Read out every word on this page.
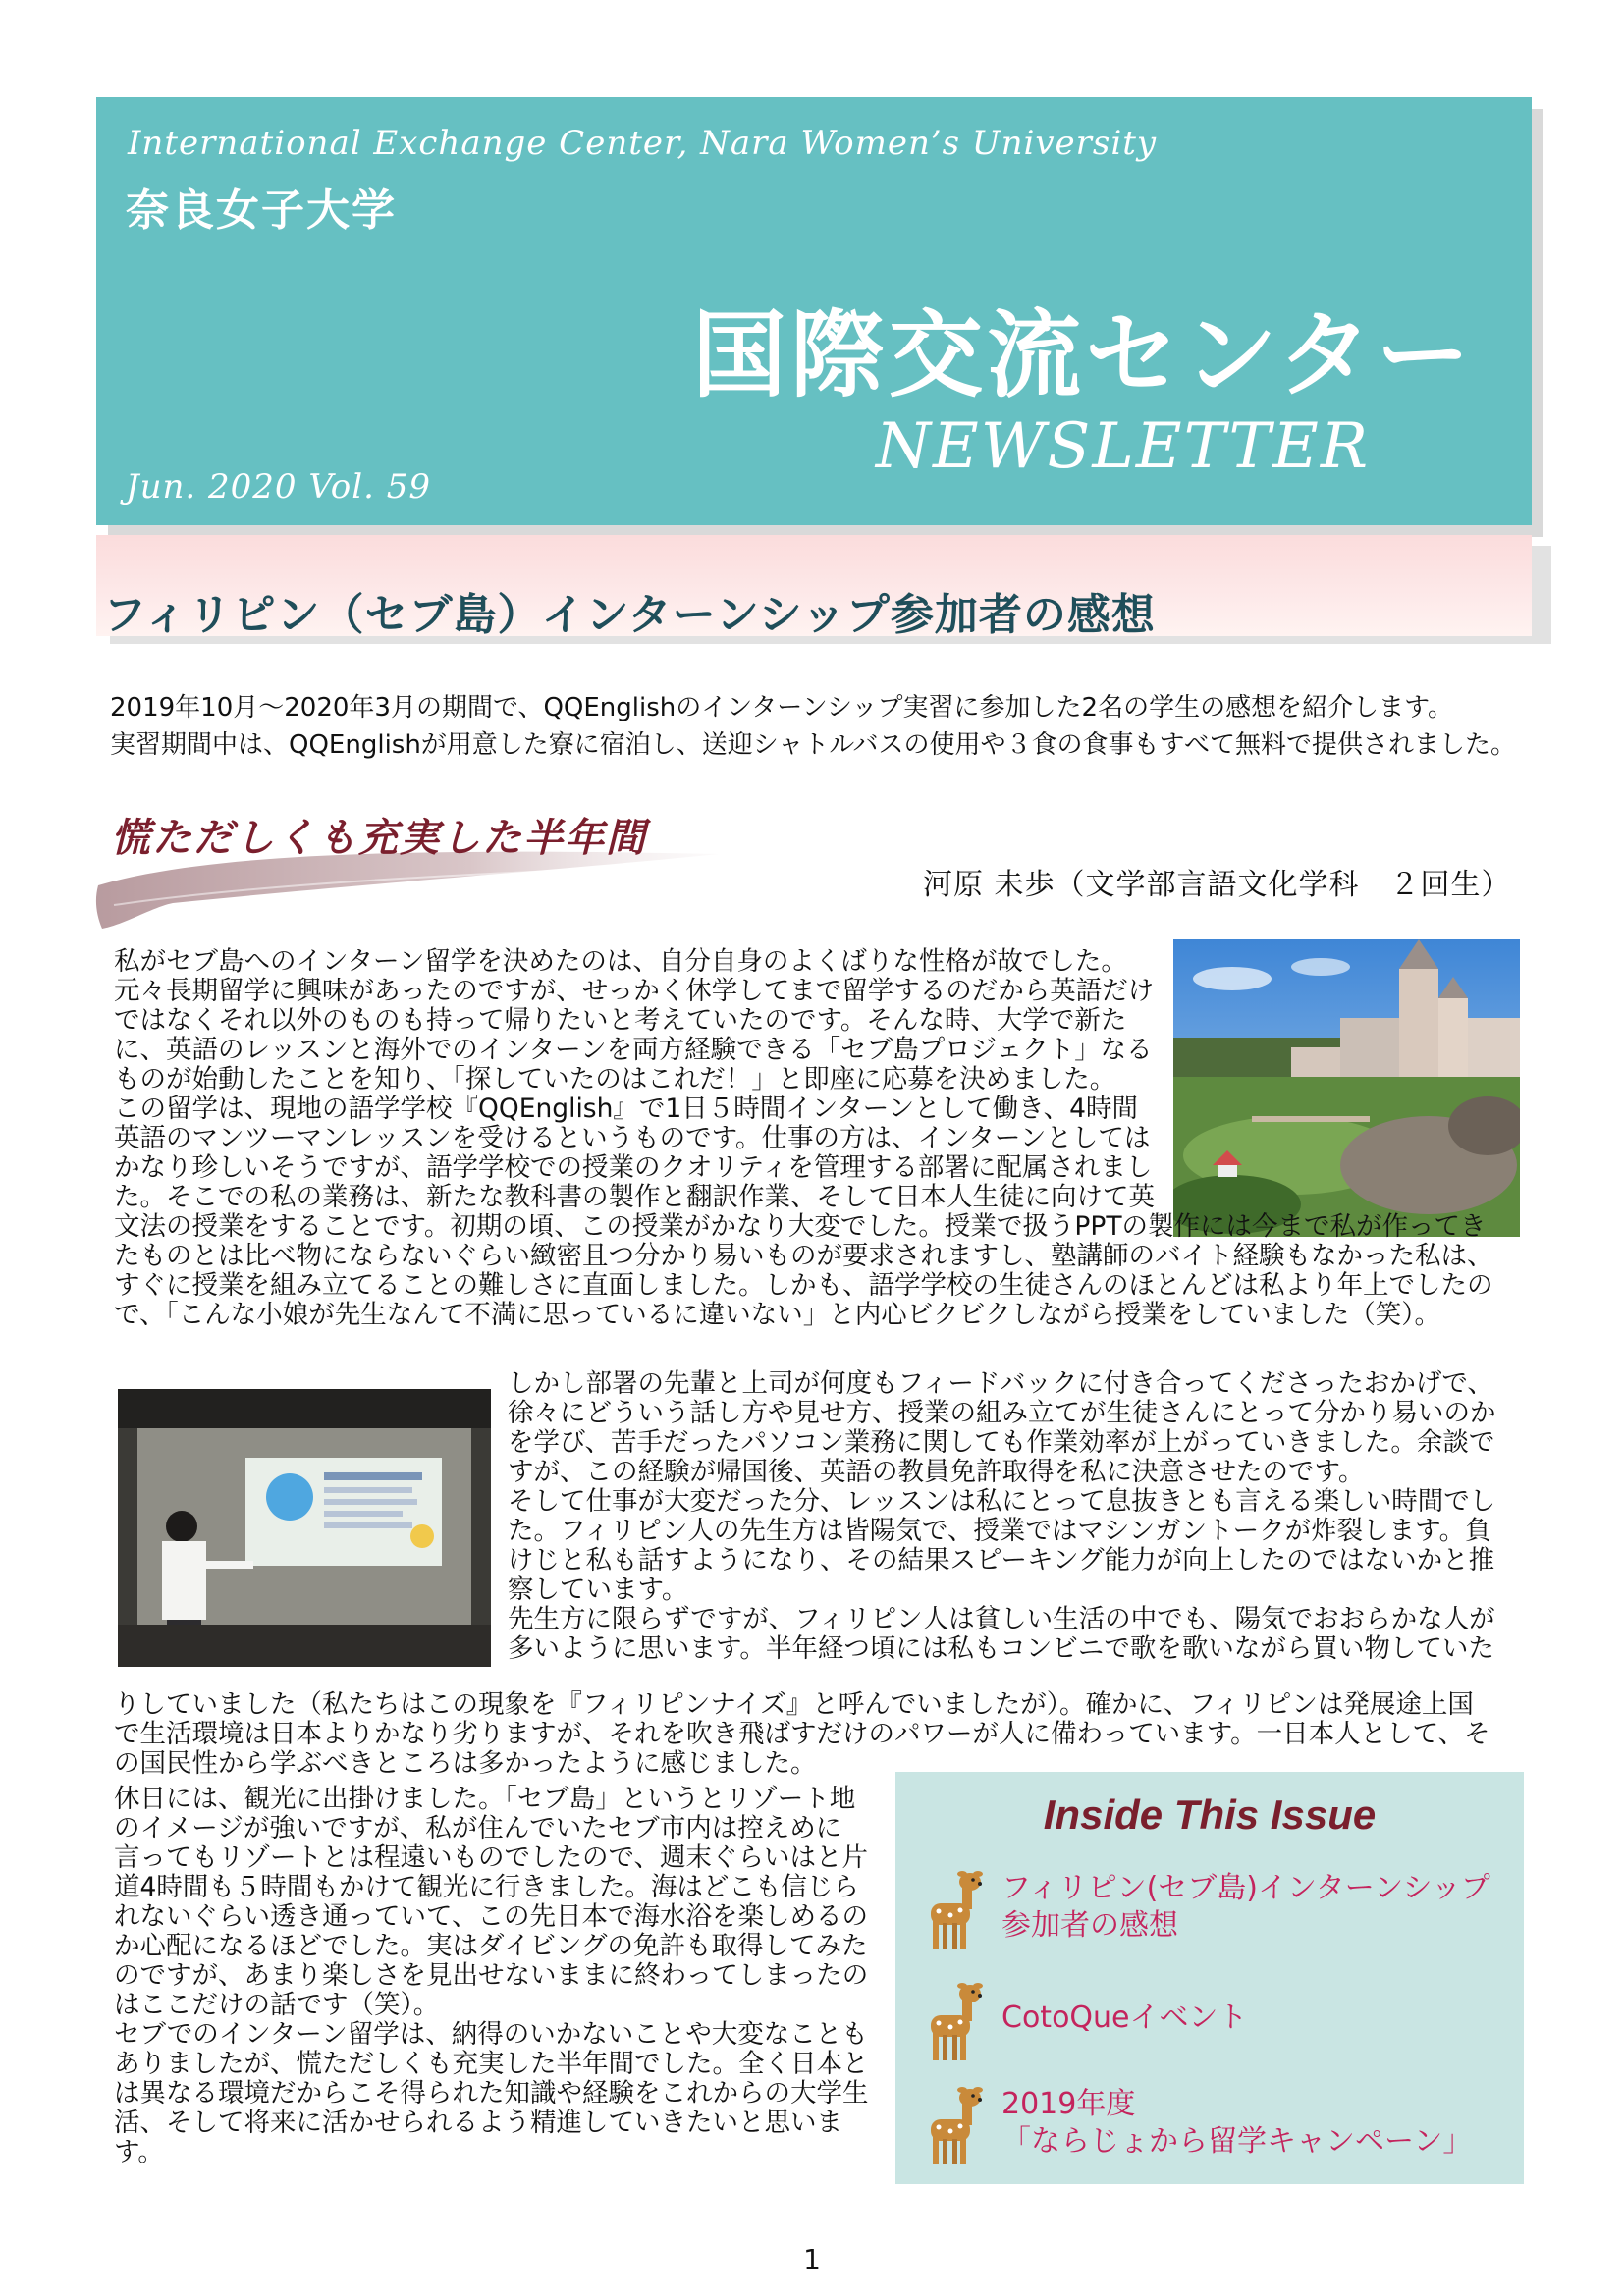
International Exchange Center, Nara Women’s University
奈良女子大学
国際交流センター
NEWSLETTER
Jun. 2020 Vol. 59
フィリピン（セブ島）インターンシップ参加者の感想
2019年10月～2020年3月の期間で、QQEnglishのインターンシップ実習に参加した2名の学生の感想を紹介します。
実習期間中は、QQEnglishが用意した寮に宿泊し、送迎シャトルバスの使用や３食の食事もすべて無料で提供されました。
慌ただしくも充実した半年間
河原 未歩（文学部言語文化学科　２回生）
私がセブ島へのインターン留学を決めたのは、自分自身のよくばりな性格が故でした。
元々長期留学に興味があったのですが、せっかく休学してまで留学するのだから英語だけ
ではなくそれ以外のものも持って帰りたいと考えていたのです。そんな時、大学で新た
に、英語のレッスンと海外でのインターンを両方経験できる「セブ島プロジェクト」なる
ものが始動したことを知り、「探していたのはこれだ！」と即座に応募を決めました。
この留学は、現地の語学学校『QQEnglish』で1日５時間インターンとして働き、4時間
英語のマンツーマンレッスンを受けるというものです。仕事の方は、インターンとしては
かなり珍しいそうですが、語学学校での授業のクオリティを管理する部署に配属されまし
た。そこでの私の業務は、新たな教科書の製作と翻訳作業、そして日本人生徒に向けて英
文法の授業をすることです。初期の頃、この授業がかなり大変でした。授業で扱うPPTの製作には今まで私が作ってき
たものとは比べ物にならないぐらい緻密且つ分かり易いものが要求されますし、塾講師のバイト経験もなかった私は、
すぐに授業を組み立てることの難しさに直面しました。しかも、語学学校の生徒さんのほとんどは私より年上でしたの
で、「こんな小娘が先生なんて不満に思っているに違いない」と内心ビクビクしながら授業をしていました（笑）。
しかし部署の先輩と上司が何度もフィードバックに付き合ってくださったおかげで、
徐々にどういう話し方や見せ方、授業の組み立てが生徒さんにとって分かり易いのか
を学び、苦手だったパソコン業務に関しても作業効率が上がっていきました。余談で
すが、この経験が帰国後、英語の教員免許取得を私に決意させたのです。
そして仕事が大変だった分、レッスンは私にとって息抜きとも言える楽しい時間でし
た。フィリピン人の先生方は皆陽気で、授業ではマシンガントークが炸裂します。負
けじと私も話すようになり、その結果スピーキング能力が向上したのではないかと推
察しています。
先生方に限らずですが、フィリピン人は貧しい生活の中でも、陽気でおおらかな人が
多いように思います。半年経つ頃には私もコンビニで歌を歌いながら買い物していた
りしていました（私たちはこの現象を『フィリピンナイズ』と呼んでいましたが）。確かに、フィリピンは発展途上国
で生活環境は日本よりかなり劣りますが、それを吹き飛ばすだけのパワーが人に備わっています。一日本人として、そ
の国民性から学ぶべきところは多かったように感じました。
休日には、観光に出掛けました。「セブ島」というとリゾート地
のイメージが強いですが、私が住んでいたセブ市内は控えめに
言ってもリゾートとは程遠いものでしたので、週末ぐらいはと片
道4時間も５時間もかけて観光に行きました。海はどこも信じら
れないぐらい透き通っていて、この先日本で海水浴を楽しめるの
か心配になるほどでした。実はダイビングの免許も取得してみた
のですが、あまり楽しさを見出せないままに終わってしまったの
はここだけの話です（笑）。
セブでのインターン留学は、納得のいかないことや大変なことも
ありましたが、慌ただしくも充実した半年間でした。全く日本と
は異なる環境だからこそ得られた知識や経験をこれからの大学生
活、そして将来に活かせられるよう精進していきたいと思いま
す。
Inside This Issue
フィリピン(セブ島)インターンシップ
参加者の感想
CotoQueイベント
2019年度
「ならじょから留学キャンペーン」
1
